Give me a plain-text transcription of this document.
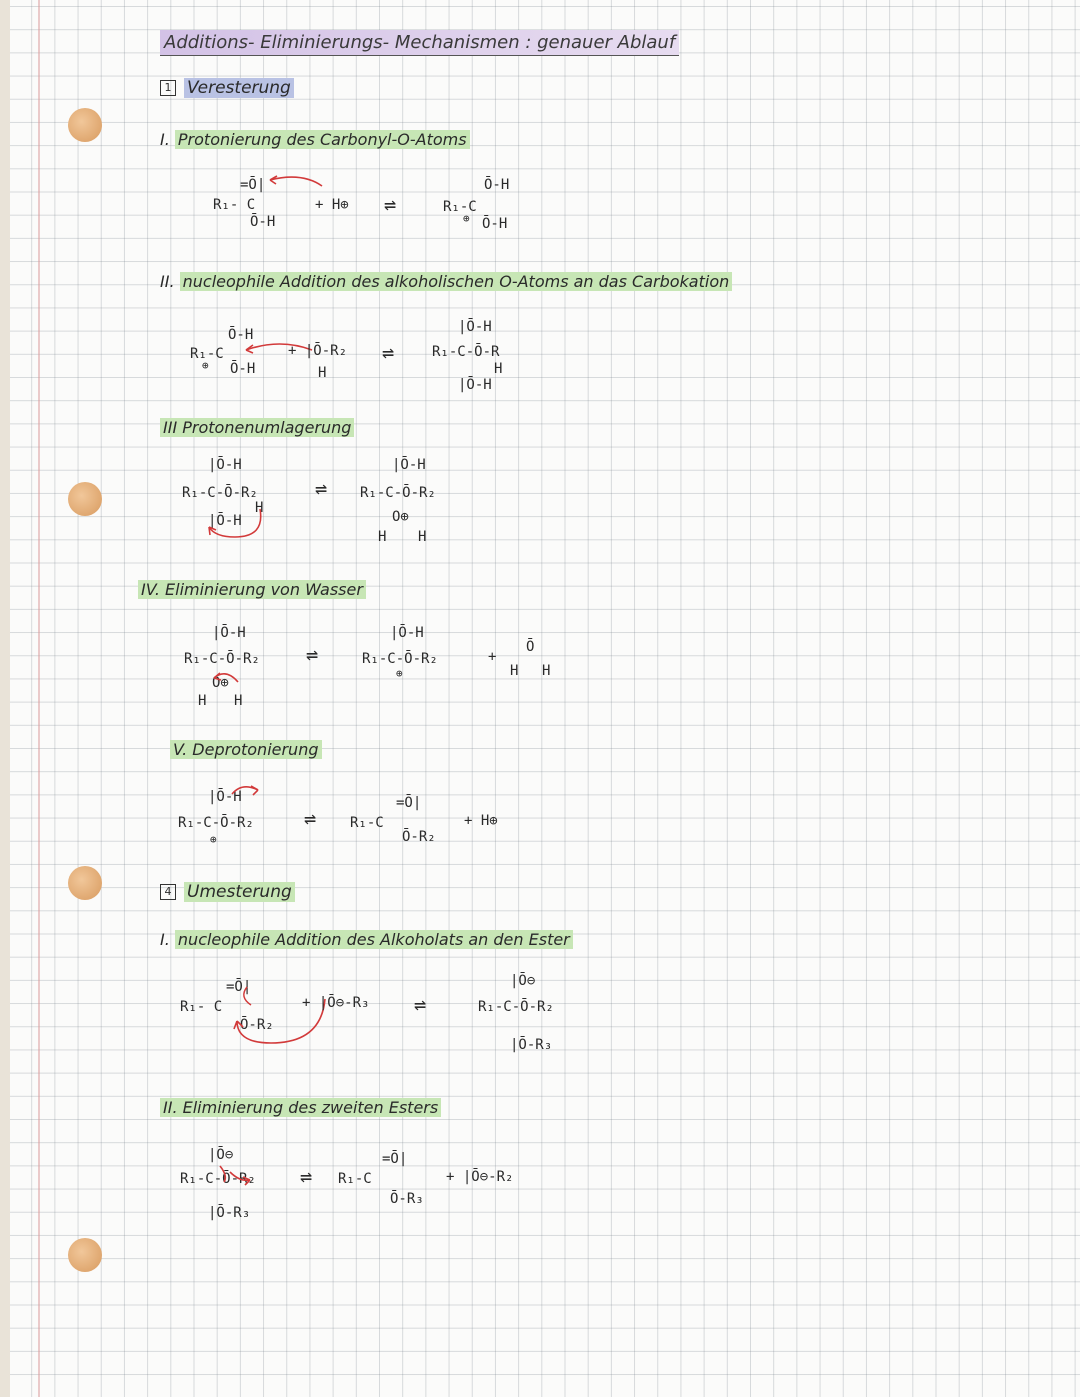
Additions- Eliminierungs- Mechanismen : genauer Ablauf
1 Veresterung
I. Protonierung des Carbonyl-O-Atoms
R₁- C
=Ō|
Ō-H
+ H⊕ ⇌	R₁-C
Ō-H
Ō-H
⊕
II. nucleophile Addition des alkoholischen O-Atoms an das Carbokation
R₁-C
Ō-H
Ō-H
⊕
+ |Ō-R₂
H
⇌
|Ō-H
R₁-C-Ō-R
H
|Ō-H
III Protonenumlagerung
|Ō-H
R₁-C-Ō-R₂
H
|Ō-H
⇌
|Ō-H
R₁-C-Ō-R₂
O⊕
H H
IV. Eliminierung von Wasser
|Ō-H
R₁-C-Ō-R₂
O⊕
H H
⇌
|Ō-H
R₁-C-Ō-R₂
⊕
+
Ō
H H
V. Deprotonierung
|Ō-H
R₁-C-Ō-R₂
⊕
⇌ R₁-C
=Ō|
Ō-R₂
+ H⊕
4 Umesterung
I. nucleophile Addition des Alkoholats an den Ester
R₁- C
=Ō|
Ō-R₂
+ |Ō⊖-R₃ ⇌
|Ō⊖
R₁-C-Ō-R₂
|Ō-R₃
II. Eliminierung des zweiten Esters
|Ō⊖
R₁-C-Ō-R₂
|Ō-R₃
⇌ R₁-C
=Ō|
Ō-R₃
+ |Ō⊖-R₂
